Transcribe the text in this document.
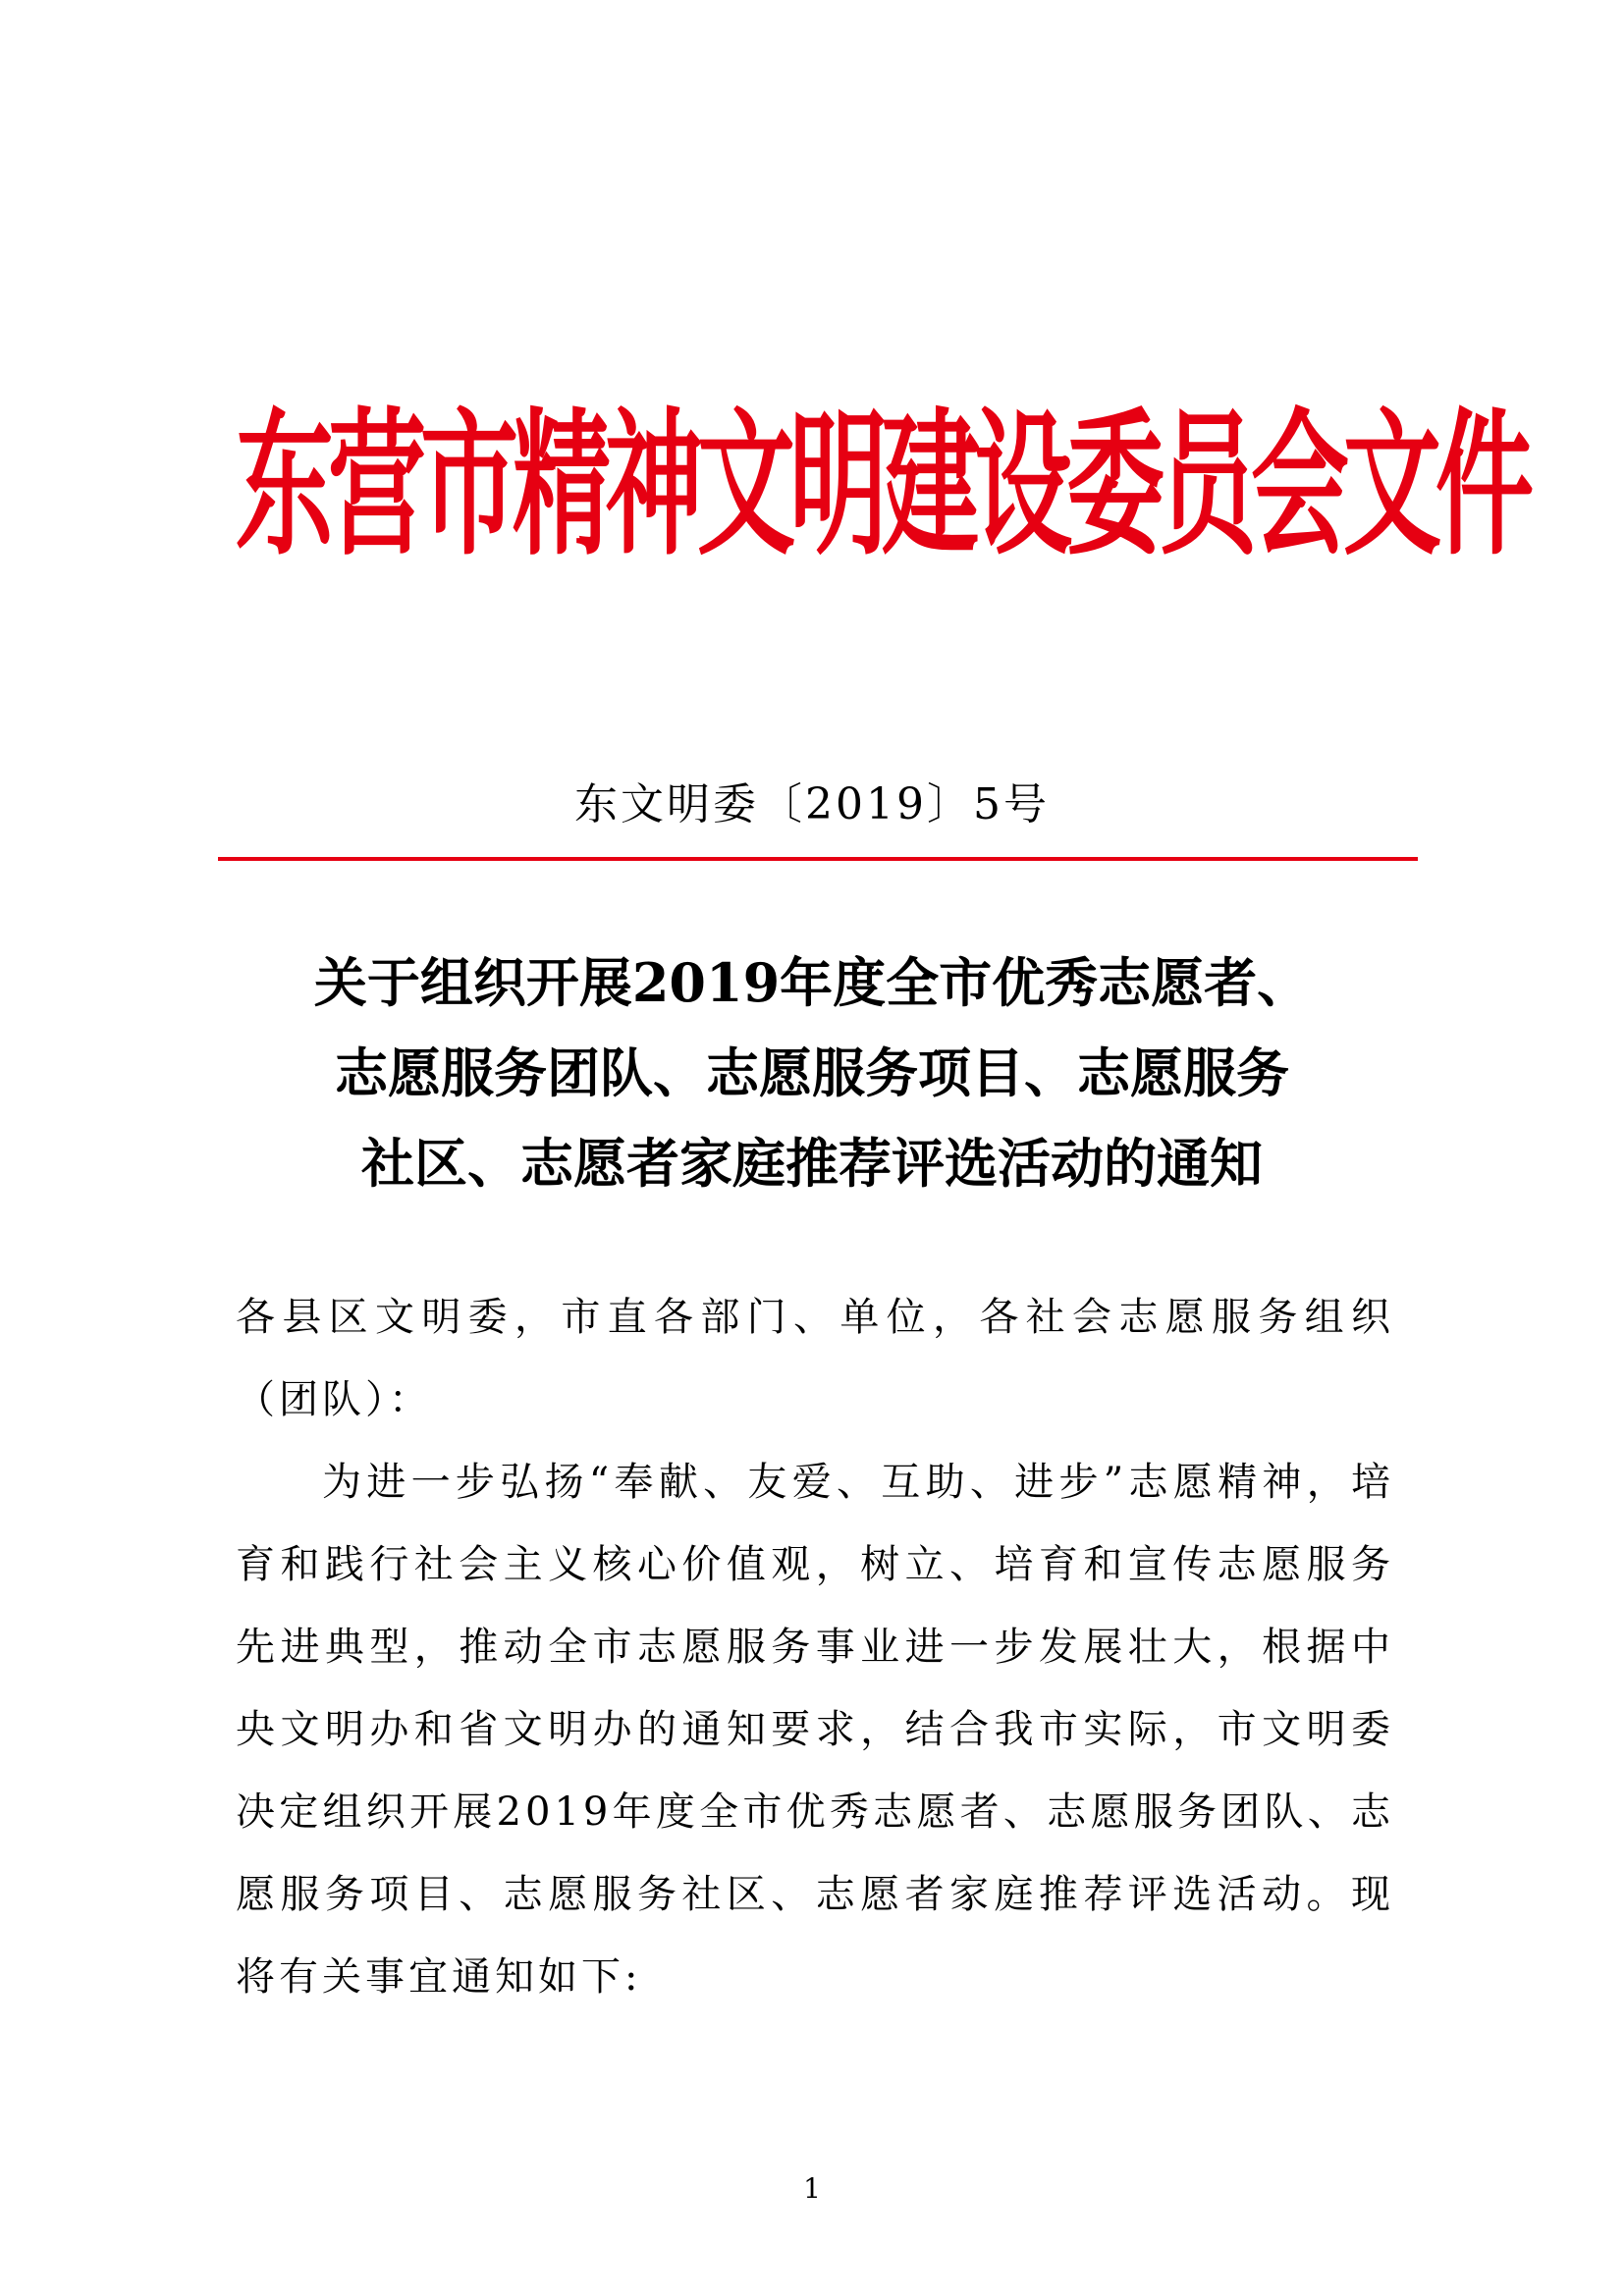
东营市精神文明建设委员会文件
东文明委〔2019〕5号
关于组织开展2019年度全市优秀志愿者、
志愿服务团队、志愿服务项目、志愿服务
社区、志愿者家庭推荐评选活动的通知

各县区文明委，市直各部门、单位，各社会志愿服务组织（团队）：

为进一步弘扬“奉献、友爱、互助、进步”志愿精神，培育和践行社会主义核心价值观，树立、培育和宣传志愿服务先进典型，推动全市志愿服务事业进一步发展壮大，根据中央文明办和省文明办的通知要求，结合我市实际，市文明委决定组织开展2019年度全市优秀志愿者、志愿服务团队、志愿服务项目、志愿服务社区、志愿者家庭推荐评选活动。现将有关事宜通知如下:

1
